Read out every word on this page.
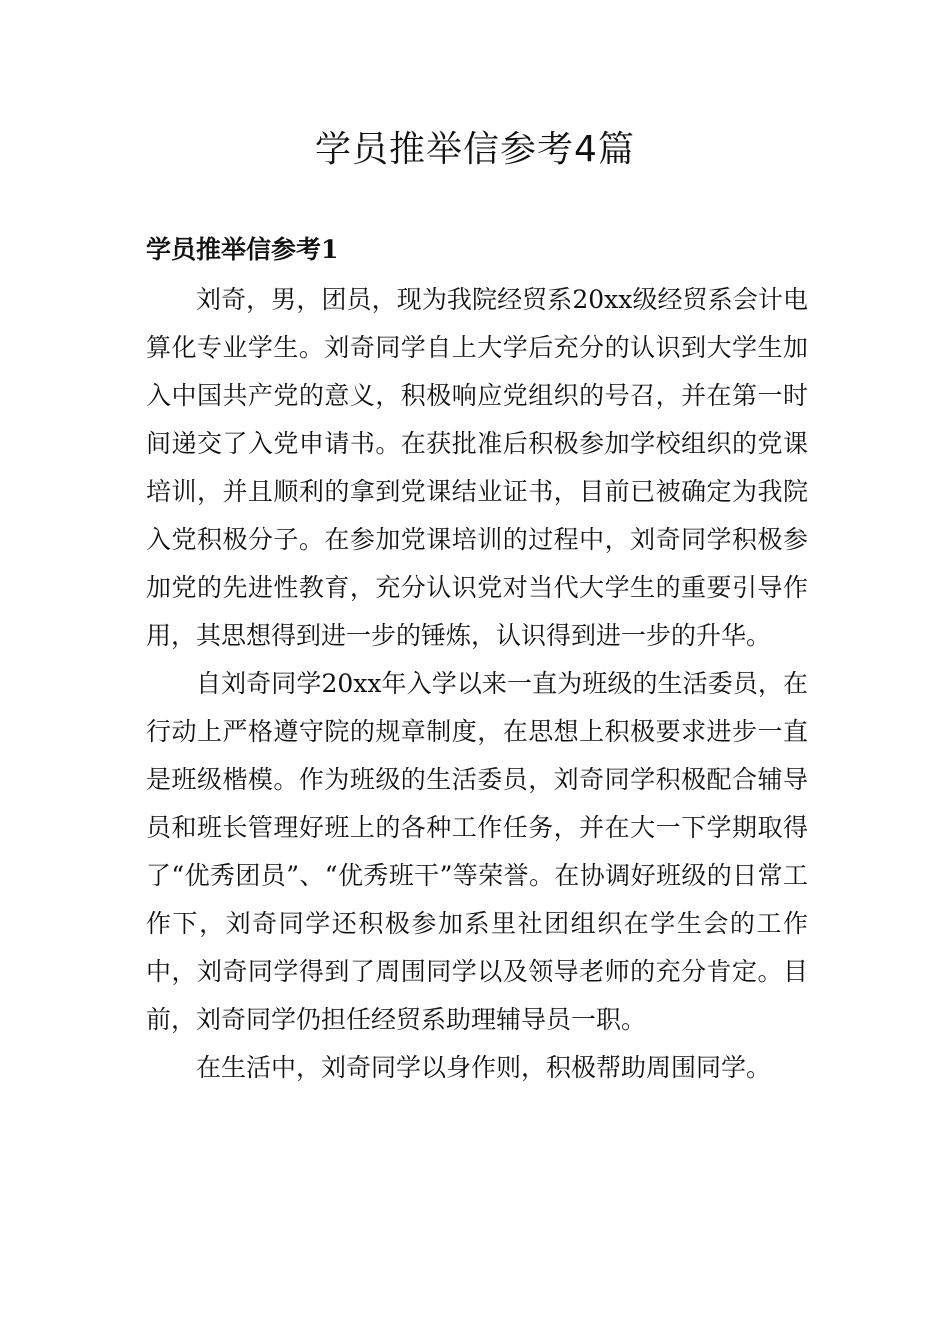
学员推举信参考4篇
学员推举信参考1

刘奇，男，团员，现为我院经贸系20xx级经贸系会计电算化专业学生。刘奇同学自上大学后充分的认识到大学生加入中国共产党的意义，积极响应党组织的号召，并在第一时间递交了入党申请书。在获批准后积极参加学校组织的党课培训，并且顺利的拿到党课结业证书，目前已被确定为我院入党积极分子。在参加党课培训的过程中，刘奇同学积极参加党的先进性教育，充分认识党对当代大学生的重要引导作用，其思想得到进一步的锤炼，认识得到进一步的升华。

自刘奇同学20xx年入学以来一直为班级的生活委员，在行动上严格遵守院的规章制度，在思想上积极要求进步一直是班级楷模。作为班级的生活委员，刘奇同学积极配合辅导员和班长管理好班上的各种工作任务，并在大一下学期取得了“优秀团员”、“优秀班干”等荣誉。在协调好班级的日常工作下，刘奇同学还积极参加系里社团组织在学生会的工作中，刘奇同学得到了周围同学以及领导老师的充分肯定。目前，刘奇同学仍担任经贸系助理辅导员一职。

在生活中，刘奇同学以身作则，积极帮助周围同学。
